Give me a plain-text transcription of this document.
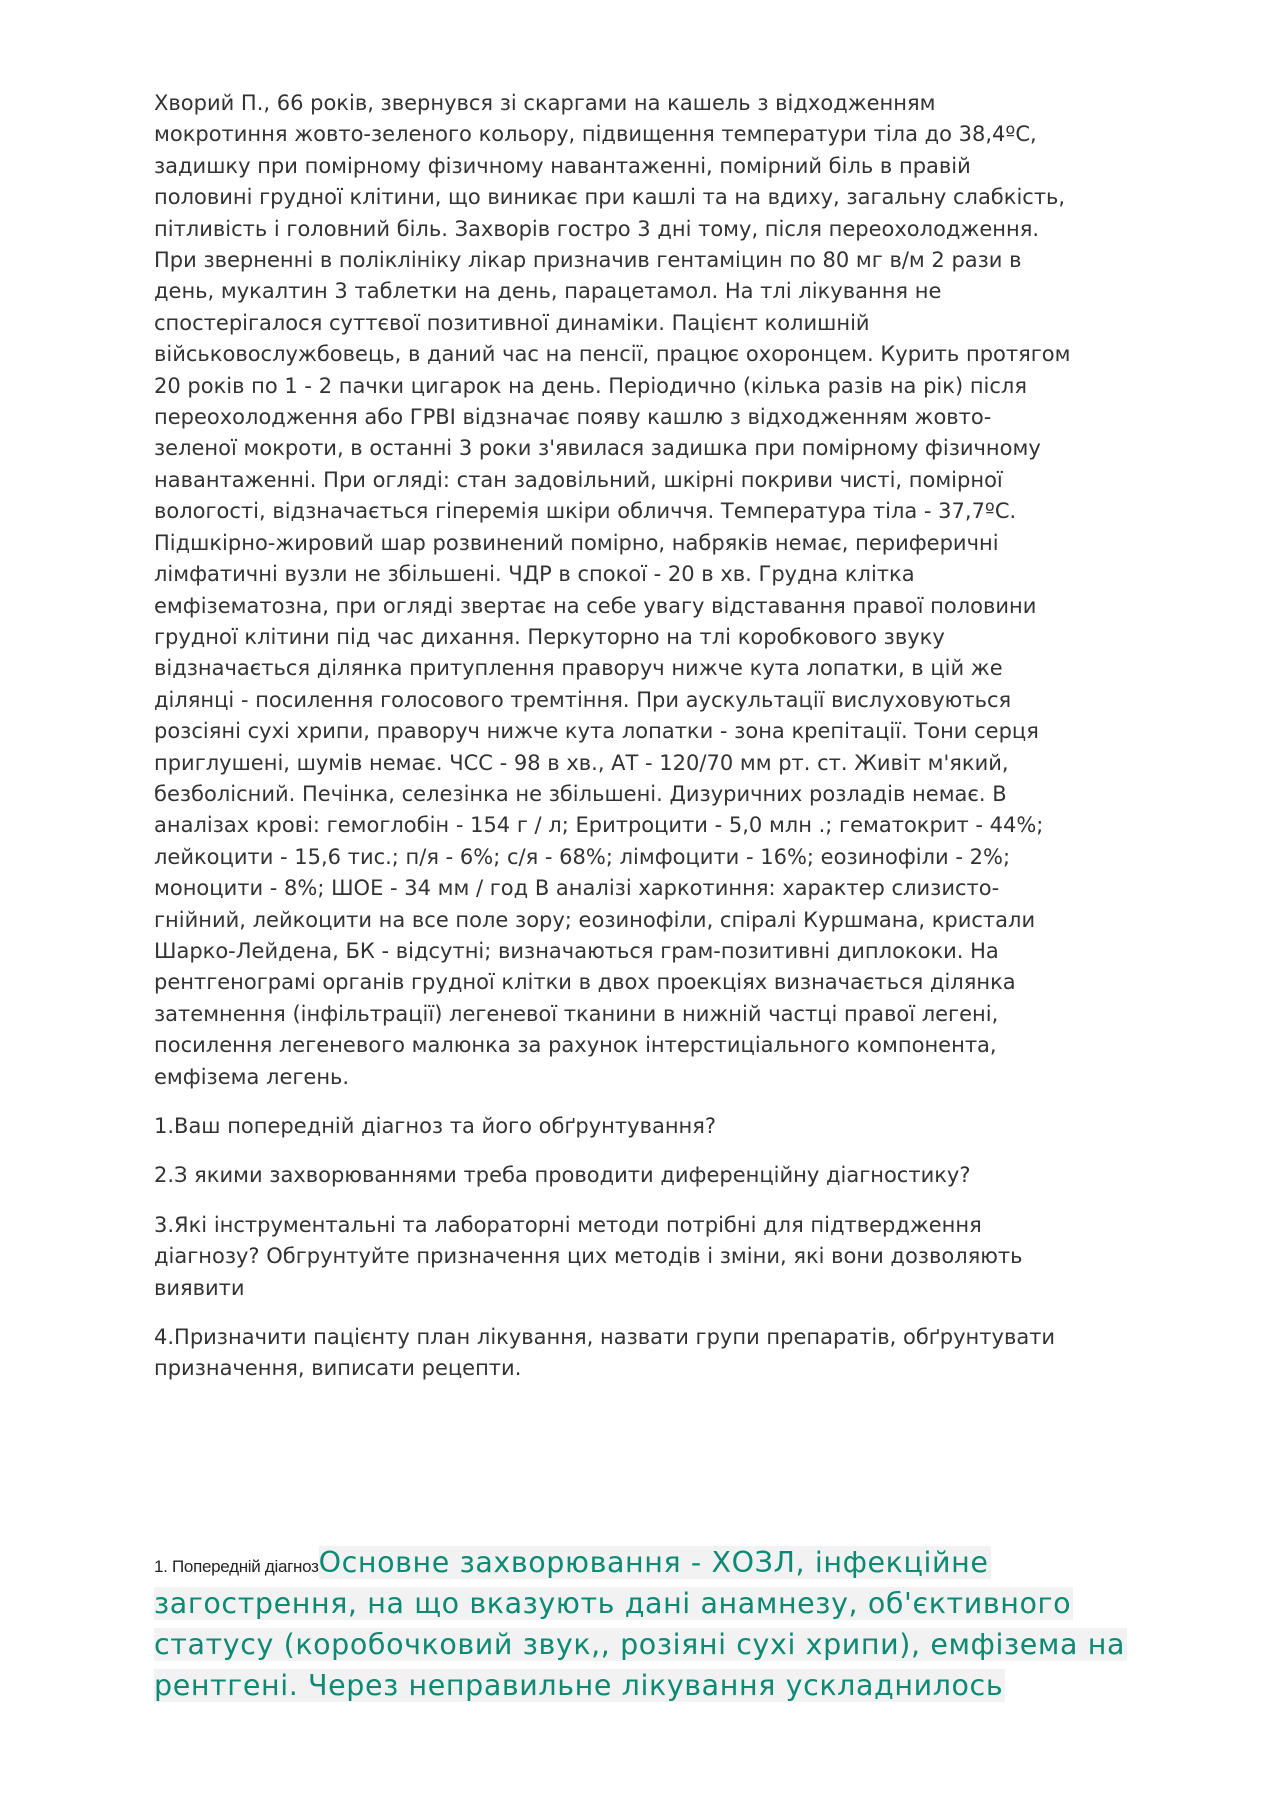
Хворий П., 66 років, звернувся зі скаргами на кашель з відходженням
мокротиння жовто-зеленого кольору, підвищення температури тіла до 38,4ºС,
задишку при помірному фізичному навантаженні, помірний біль в правій
половині грудної клітини, що виникає при кашлі та на вдиху, загальну слабкість,
пітливість і головний біль. Захворів гостро 3 дні тому, після переохолодження.
При зверненні в поліклініку лікар призначив гентаміцин по 80 мг в/м 2 рази в
день, мукалтин 3 таблетки на день, парацетамол. На тлі лікування не
спостерігалося суттєвої позитивної динаміки. Пацієнт колишній
військовослужбовець, в даний час на пенсії, працює охоронцем. Курить протягом
20 років по 1 - 2 пачки цигарок на день. Періодично (кілька разів на рік) після
переохолодження або ГРВІ відзначає появу кашлю з відходженням жовто-
зеленої мокроти, в останні 3 роки з'явилася задишка при помірному фізичному
навантаженні. При огляді: стан задовільний, шкірні покриви чисті, помірної
вологості, відзначається гіперемія шкіри обличчя. Температура тіла - 37,7ºС.
Підшкірно-жировий шар розвинений помірно, набряків немає, периферичні
лімфатичні вузли не збільшені. ЧДР в спокої - 20 в хв. Грудна клітка
емфізематозна, при огляді звертає на себе увагу відставання правої половини
грудної клітини під час дихання. Перкуторно на тлі коробкового звуку
відзначається ділянка притуплення праворуч нижче кута лопатки, в цій же
ділянці - посилення голосового тремтіння. При аускультації вислуховуються
розсіяні сухі хрипи, праворуч нижче кута лопатки - зона крепітації. Тони серця
приглушені, шумів немає. ЧСС - 98 в хв., АТ - 120/70 мм рт. ст. Живіт м'який,
безболісний. Печінка, селезінка не збільшені. Дизуричних розладів немає. В
аналізах крові: гемоглобін - 154 г / л; Еритроцити - 5,0 млн .; гематокрит - 44%;
лейкоцити - 15,6 тис.; п/я - 6%; с/я - 68%; лімфоцити - 16%; еозинофіли - 2%;
моноцити - 8%; ШОЕ - 34 мм / год В аналізі харкотиння: характер слизисто-
гнійний, лейкоцити на все поле зору; еозинофіли, спіралі Куршмана, кристали
Шарко-Лейдена, БК - відсутні; визначаються грам-позитивні диплококи. На
рентгенограмі органів грудної клітки в двох проекціях визначається ділянка
затемнення (інфільтрації) легеневої тканини в нижній частці правої легені,
посилення легеневого малюнка за рахунок інтерстиціального компонента,
емфізема легень.

1.Ваш попередній діагноз та його обґрунтування?

2.З якими захворюваннями треба проводити диференційну діагностику?

3.Які інструментальні та лабораторні методи потрібні для підтвердження
діагнозу? Обгрунтуйте призначення цих методів і зміни, які вони дозволяють
виявити

4.Призначити пацієнту план лікування, назвати групи препаратів, обґрунтувати
призначення, виписати рецепти.

1. Попередній діагнозОсновне захворювання - ХОЗЛ, інфекційне
загострення, на що вказують дані анамнезу, об'єктивного
статусу (коробочковий звук,, розіяні сухі хрипи), емфізема на
рентгені. Через неправильне лікування ускладнилось
